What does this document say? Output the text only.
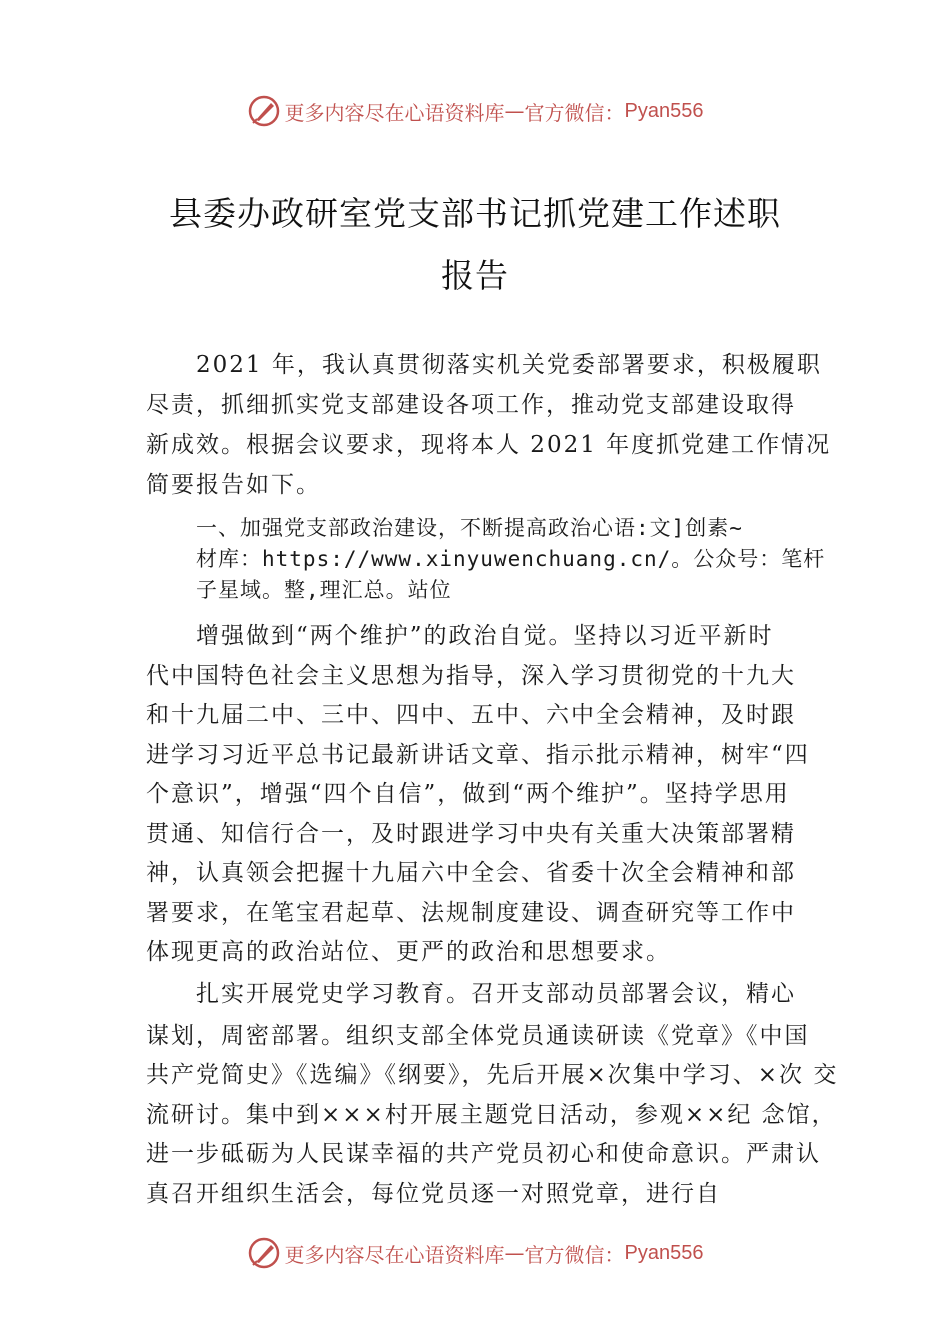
更多内容尽在心语资料库 — 官方微信： Pyan556
县委办政研室党支部书记抓党建工作述职
报告
2021 年，我认真贯彻落实机关党委部署要求，积极履职
尽责，抓细抓实党支部建设各项工作，推动党支部建设取得
新成效。根据会议要求，现将本人 2021 年度抓党建工作情况
简要报告如下。
一、加强党支部政治建设，不断提高政治心语:文]创素~
材库：https://www.xinyuwenchuang.cn/。公众号：笔杆
子星域。整,理汇总。站位
增强做到“两个维护”的政治自觉。坚持以习近平新时
代中国特色社会主义思想为指导，深入学习贯彻党的十九大
和十九届二中、三中、四中、五中、六中全会精神，及时跟
进学习习近平总书记最新讲话文章、指示批示精神，树牢“四
个意识”，增强“四个自信”，做到“两个维护”。坚持学思用
贯通、知信行合一，及时跟进学习中央有关重大决策部署精
神，认真领会把握十九届六中全会、省委十次全会精神和部
署要求，在笔宝君起草、法规制度建设、调查研究等工作中
体现更高的政治站位、更严的政治和思想要求。
扎实开展党史学习教育。召开支部动员部署会议，精心
谋划，周密部署。组织支部全体党员通读研读《党章》《中国
共产党简史》《选编》《纲要》，先后开展×次集中学习、×次 交
流研讨。集中到×××村开展主题党日活动，参观××纪 念馆，
进一步砥砺为人民谋幸福的共产党员初心和使命意识。严肃认
真召开组织生活会，每位党员逐一对照党章，进行自
更多内容尽在心语资料库 — 官方微信： Pyan556
